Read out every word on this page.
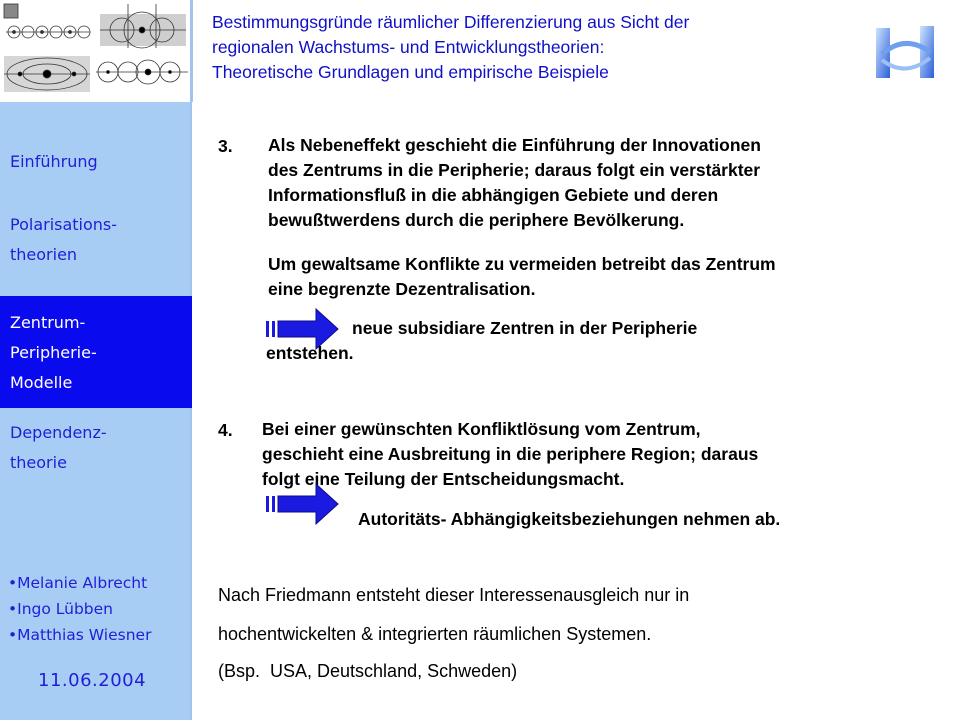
Einführung
Polarisations-
theorien
Zentrum-
Peripherie-
Modelle
Dependenz-
theorie
•Melanie Albrecht
•Ingo Lübben
•Matthias Wiesner
11.06.2004
Bestimmungsgründe räumlicher Differenzierung aus Sicht der
regionalen Wachstums- und Entwicklungstheorien:
Theoretische Grundlagen und empirische Beispiele
3. Als Nebeneffekt geschieht die Einführung der Innovationen
des Zentrums in die Peripherie; daraus folgt ein verstärkter
Informationsfluß in die abhängigen Gebiete und deren
bewußtwerdens durch die periphere Bevölkerung.
Um gewaltsame Konflikte zu vermeiden betreibt das Zentrum
eine begrenzte Dezentralisation.
neue subsidiare Zentren in der Peripherie
entstehen.
4. Bei einer gewünschten Konfliktlösung vom Zentrum,
geschieht eine Ausbreitung in die periphere Region; daraus
folgt eine Teilung der Entscheidungsmacht.
Autoritäts- Abhängigkeitsbeziehungen nehmen ab.
Nach Friedmann entsteht dieser Interessenausgleich nur in
hochentwickelten & integrierten räumlichen Systemen.
(Bsp.  USA, Deutschland, Schweden)
